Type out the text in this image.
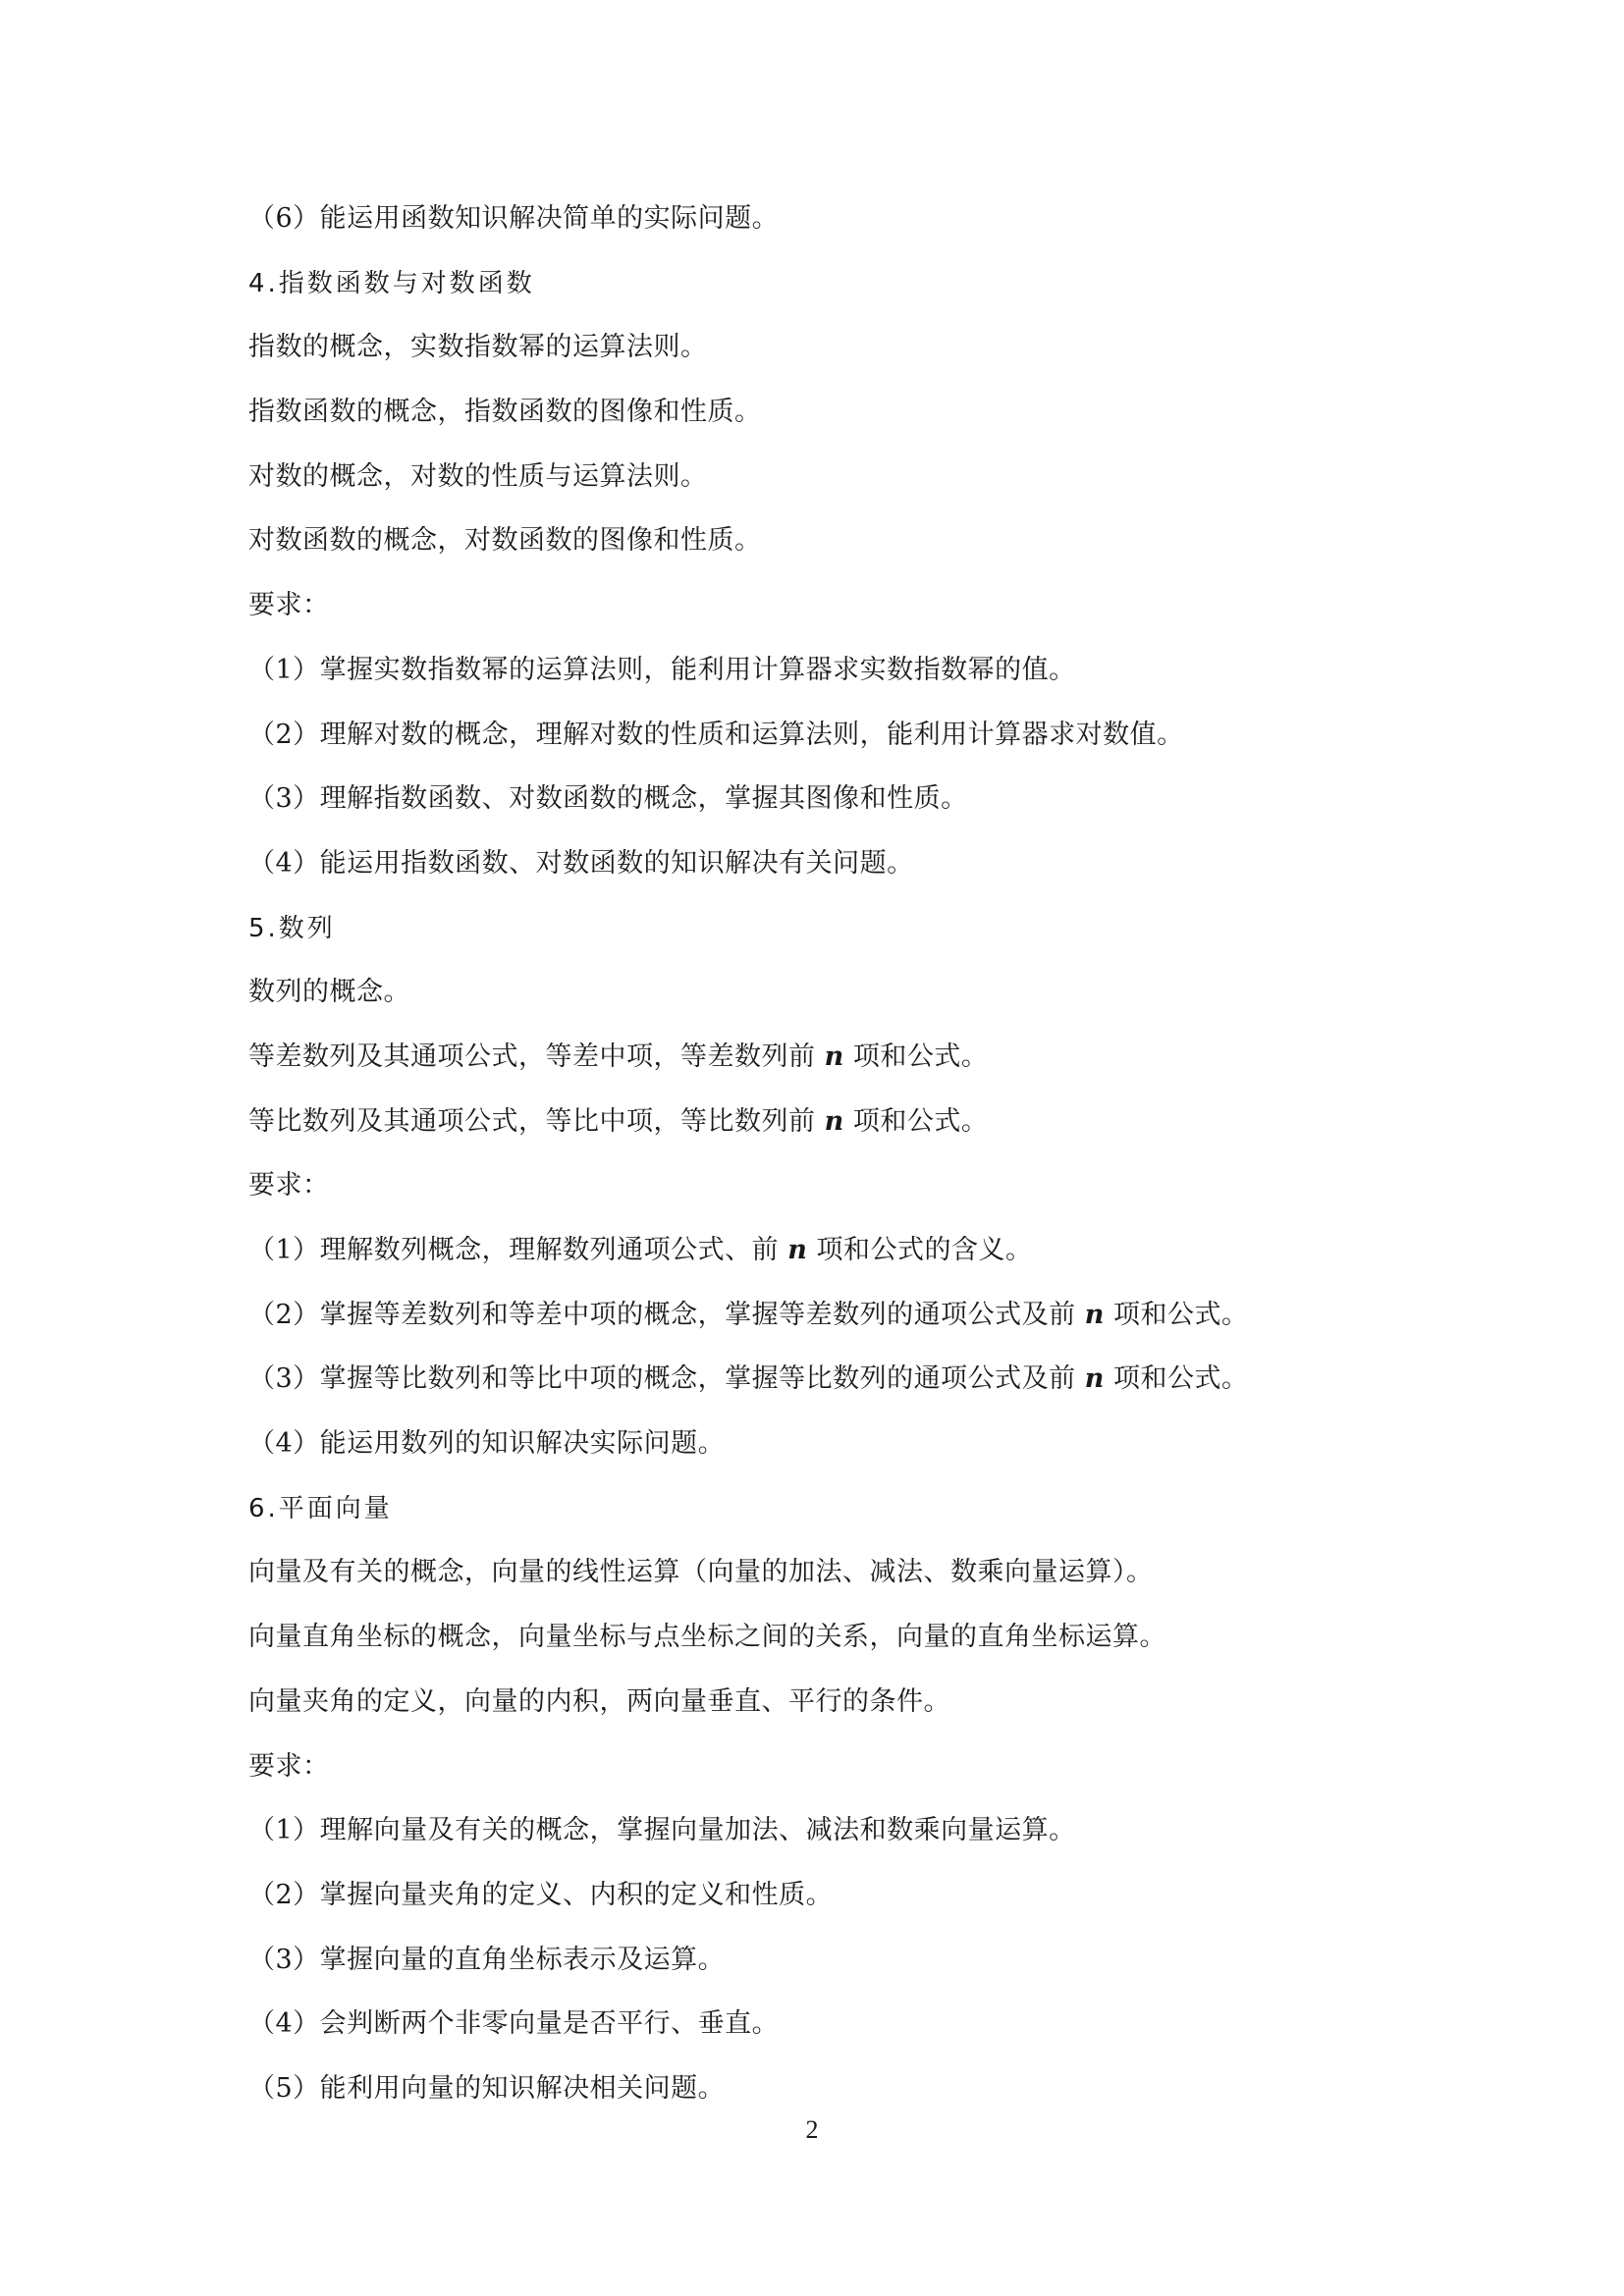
（6）能运用函数知识解决简单的实际问题。
4.指数函数与对数函数
指数的概念，实数指数幂的运算法则。
指数函数的概念，指数函数的图像和性质。
对数的概念，对数的性质与运算法则。
对数函数的概念，对数函数的图像和性质。
要求：
（1）掌握实数指数幂的运算法则，能利用计算器求实数指数幂的值。
（2）理解对数的概念，理解对数的性质和运算法则，能利用计算器求对数值。
（3）理解指数函数、对数函数的概念，掌握其图像和性质。
（4）能运用指数函数、对数函数的知识解决有关问题。
5.数列
数列的概念。
等差数列及其通项公式，等差中项，等差数列前 n 项和公式。
等比数列及其通项公式，等比中项，等比数列前 n 项和公式。
要求：
（1）理解数列概念，理解数列通项公式、前 n 项和公式的含义。
（2）掌握等差数列和等差中项的概念，掌握等差数列的通项公式及前 n 项和公式。
（3）掌握等比数列和等比中项的概念，掌握等比数列的通项公式及前 n 项和公式。
（4）能运用数列的知识解决实际问题。
6.平面向量
向量及有关的概念，向量的线性运算（向量的加法、减法、数乘向量运算）。
向量直角坐标的概念，向量坐标与点坐标之间的关系，向量的直角坐标运算。
向量夹角的定义，向量的内积，两向量垂直、平行的条件。
要求：
（1）理解向量及有关的概念，掌握向量加法、减法和数乘向量运算。
（2）掌握向量夹角的定义、内积的定义和性质。
（3）掌握向量的直角坐标表示及运算。
（4）会判断两个非零向量是否平行、垂直。
（5）能利用向量的知识解决相关问题。
2
